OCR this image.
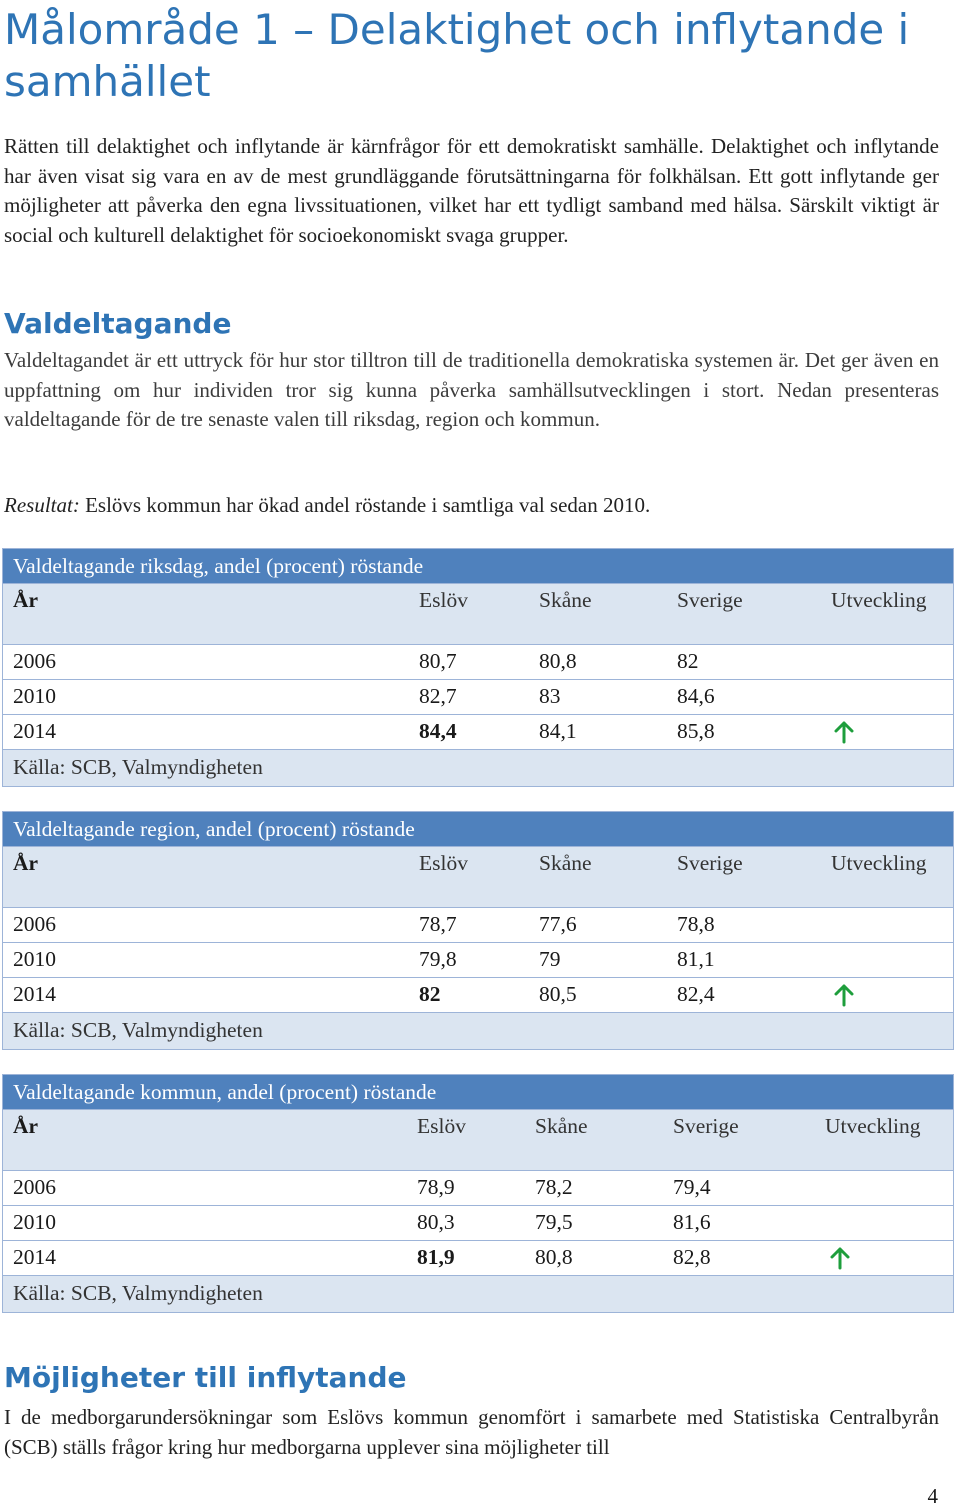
Målområde 1 – Delaktighet och inflytande i samhället

Rätten till delaktighet och inflytande är kärnfrågor för ett demokratiskt samhälle. Delaktighet och inflytande har även visat sig vara en av de mest grundläggande förutsättningarna för folkhälsan. Ett gott inflytande ger möjligheter att påverka den egna livssituationen, vilket har ett tydligt samband med hälsa. Särskilt viktigt är social och kulturell delaktighet för socioekonomiskt svaga grupper.

Valdeltagande

Valdeltagandet är ett uttryck för hur stor tilltron till de traditionella demokratiska systemen är. Det ger även en uppfattning om hur individen tror sig kunna påverka samhällsutvecklingen i stort. Nedan presenteras valdeltagande för de tre senaste valen till riksdag, region och kommun.

Resultat: Eslövs kommun har ökad andel röstande i samtliga val sedan 2010.

Valdeltagande riksdag, andel (procent) röstande
År	Eslöv	Skåne	Sverige	Utveckling
2006	80,7	80,8	82
2010	82,7	83	84,6
2014	84,4	84,1	85,8
Källa: SCB, Valmyndigheten
Valdeltagande region, andel (procent) röstande
År	Eslöv	Skåne	Sverige	Utveckling
2006	78,7	77,6	78,8
2010	79,8	79	81,1
2014	82	80,5	82,4
Källa: SCB, Valmyndigheten
Valdeltagande kommun, andel (procent) röstande
År	Eslöv	Skåne	Sverige	Utveckling
2006	78,9	78,2	79,4
2010	80,3	79,5	81,6
2014	81,9	80,8	82,8
Källa: SCB, Valmyndigheten
Möjligheter till inflytande

I de medborgarundersökningar som Eslövs kommun genomfört i samarbete med Statistiska Centralbyrån (SCB) ställs frågor kring hur medborgarna upplever sina möjligheter till

4
